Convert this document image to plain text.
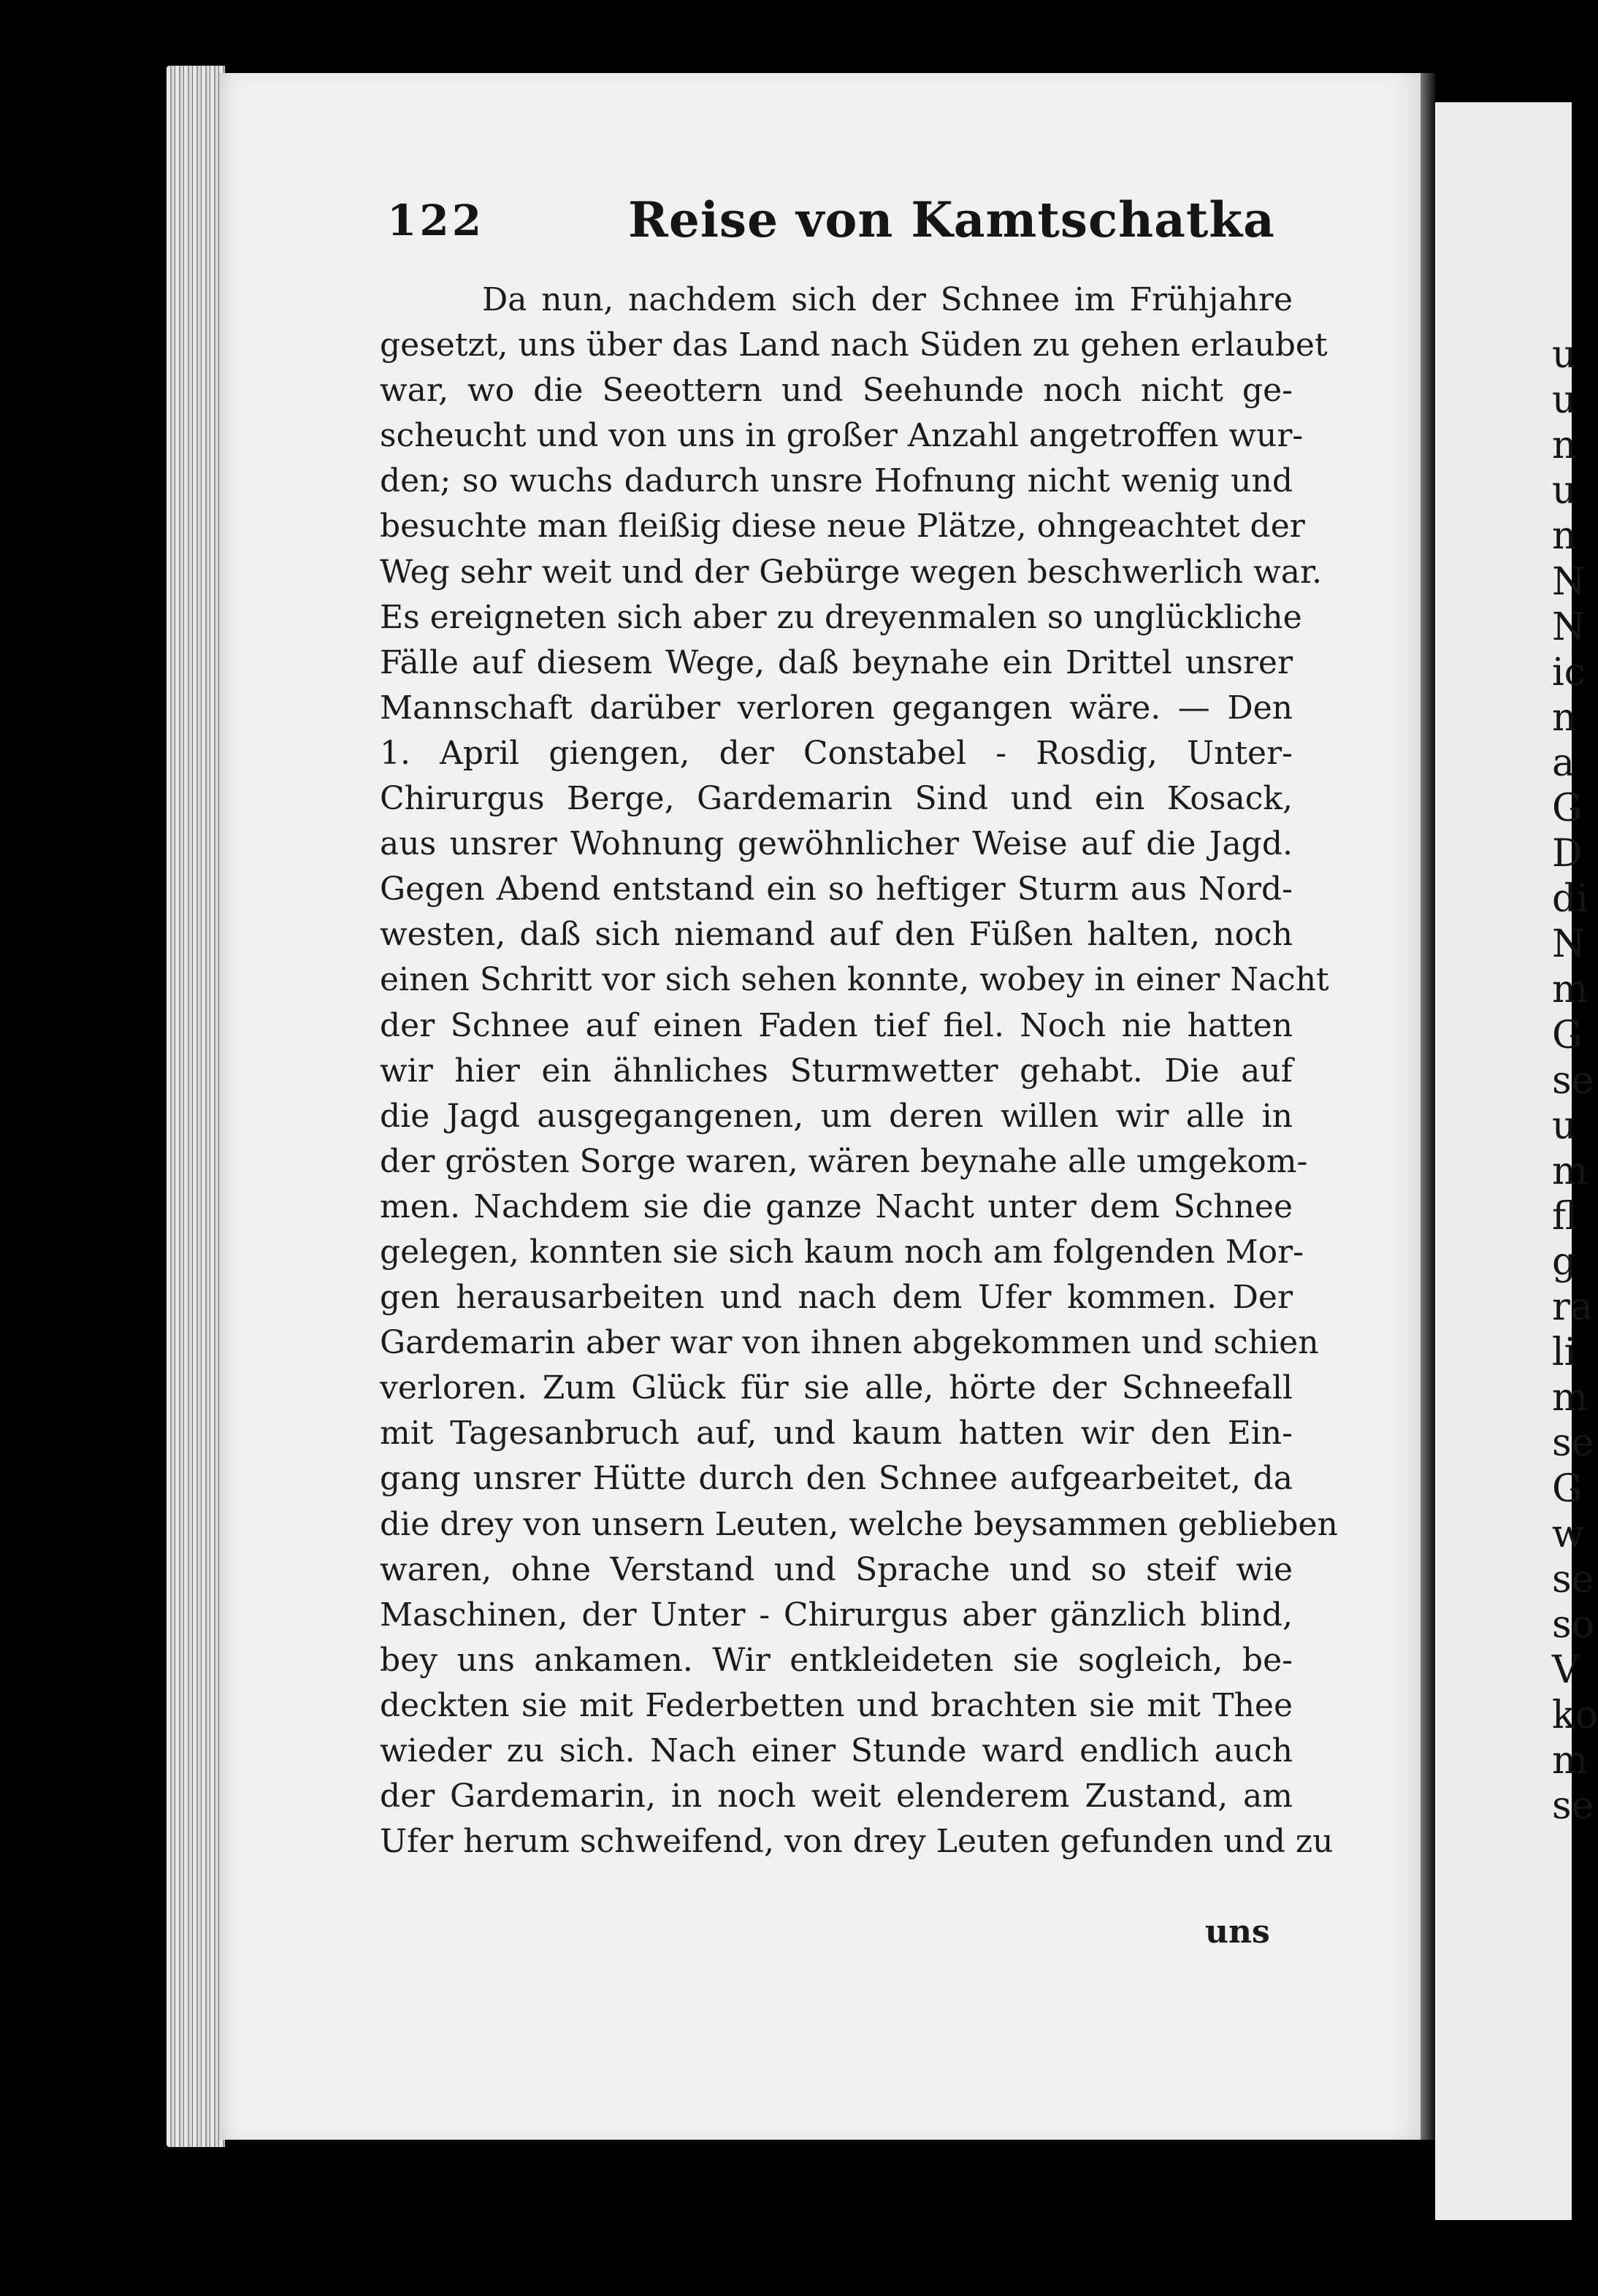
u
u
n
u
n
N
N
ic
n
a
G
D
di
N
m
G
se
u
m
fl
g
ra
li
m
se
G
w
se
so
V
ko
m
se
122	Reise von Kamtschatka
Da nun, nachdem sich der Schnee im Frühjahre
gesetzt, uns über das Land nach Süden zu gehen erlaubet
war, wo die Seeottern und Seehunde noch nicht ge-
scheucht und von uns in großer Anzahl angetroffen wur-
den; so wuchs dadurch unsre Hofnung nicht wenig und
besuchte man fleißig diese neue Plätze, ohngeachtet der
Weg sehr weit und der Gebürge wegen beschwerlich war.
Es ereigneten sich aber zu dreyenmalen so unglückliche
Fälle auf diesem Wege, daß beynahe ein Drittel unsrer
Mannschaft darüber verloren gegangen wäre. — Den
1. April giengen, der Constabel - Rosdig, Unter-
Chirurgus Berge, Gardemarin Sind und ein Kosack,
aus unsrer Wohnung gewöhnlicher Weise auf die Jagd.
Gegen Abend entstand ein so heftiger Sturm aus Nord-
westen, daß sich niemand auf den Füßen halten, noch
einen Schritt vor sich sehen konnte, wobey in einer Nacht
der Schnee auf einen Faden tief fiel. Noch nie hatten
wir hier ein ähnliches Sturmwetter gehabt. Die auf
die Jagd ausgegangenen, um deren willen wir alle in
der grösten Sorge waren, wären beynahe alle umgekom-
men. Nachdem sie die ganze Nacht unter dem Schnee
gelegen, konnten sie sich kaum noch am folgenden Mor-
gen herausarbeiten und nach dem Ufer kommen. Der
Gardemarin aber war von ihnen abgekommen und schien
verloren. Zum Glück für sie alle, hörte der Schneefall
mit Tagesanbruch auf, und kaum hatten wir den Ein-
gang unsrer Hütte durch den Schnee aufgearbeitet, da
die drey von unsern Leuten, welche beysammen geblieben
waren, ohne Verstand und Sprache und so steif wie
Maschinen, der Unter - Chirurgus aber gänzlich blind,
bey uns ankamen. Wir entkleideten sie sogleich, be-
deckten sie mit Federbetten und brachten sie mit Thee
wieder zu sich. Nach einer Stunde ward endlich auch
der Gardemarin, in noch weit elenderem Zustand, am
Ufer herum schweifend, von drey Leuten gefunden und zu
uns
